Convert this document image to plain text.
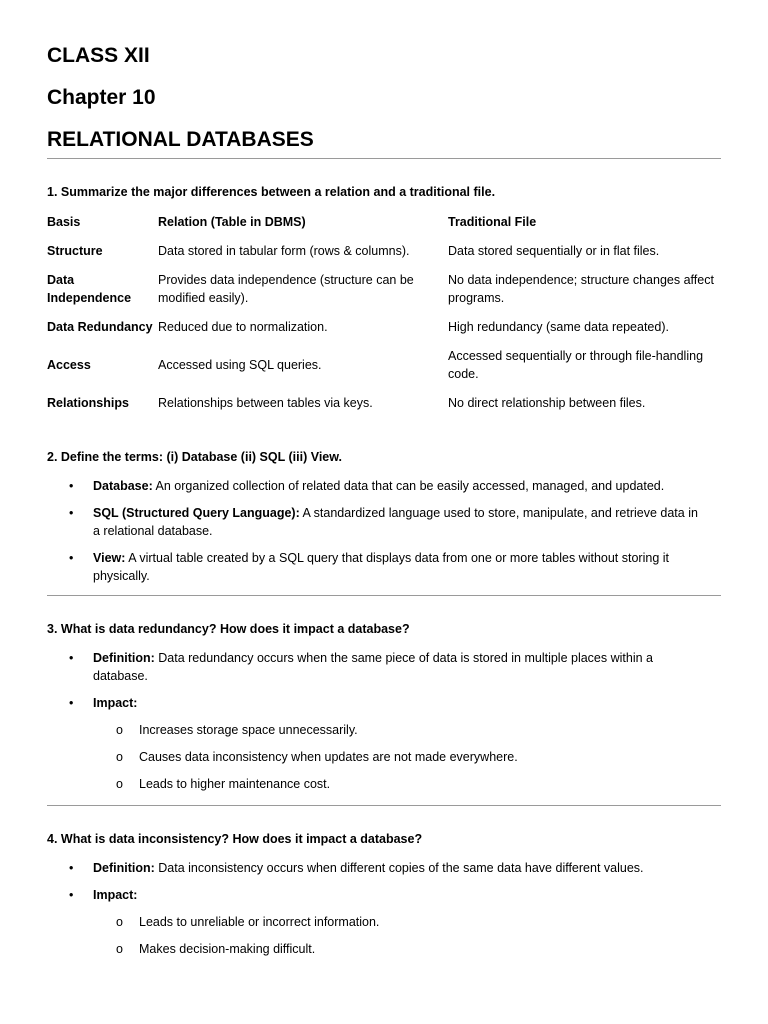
CLASS XII
Chapter 10
RELATIONAL DATABASES

1. Summarize the major differences between a relation and a traditional file.

Basis	Relation (Table in DBMS)	Traditional File
Structure	Data stored in tabular form (rows & columns).	Data stored sequentially or in flat files.
Data Independence	Provides data independence (structure can be modified easily).	No data independence; structure changes affect programs.
Data Redundancy	Reduced due to normalization.	High redundancy (same data repeated).
Access	Accessed using SQL queries.	Accessed sequentially or through file-handling code.
Relationships	Relationships between tables via keys.	No direct relationship between files.

2. Define the terms: (i) Database (ii) SQL (iii) View.

• Database: An organized collection of related data that can be easily accessed, managed, and updated.
• SQL (Structured Query Language): A standardized language used to store, manipulate, and retrieve data in a relational database.
• View: A virtual table created by a SQL query that displays data from one or more tables without storing it physically.

3. What is data redundancy? How does it impact a database?

• Definition: Data redundancy occurs when the same piece of data is stored in multiple places within a database.
• Impact:
o Increases storage space unnecessarily.
o Causes data inconsistency when updates are not made everywhere.
o Leads to higher maintenance cost.

4. What is data inconsistency? How does it impact a database?

• Definition: Data inconsistency occurs when different copies of the same data have different values.
• Impact:
o Leads to unreliable or incorrect information.
o Makes decision-making difficult.
